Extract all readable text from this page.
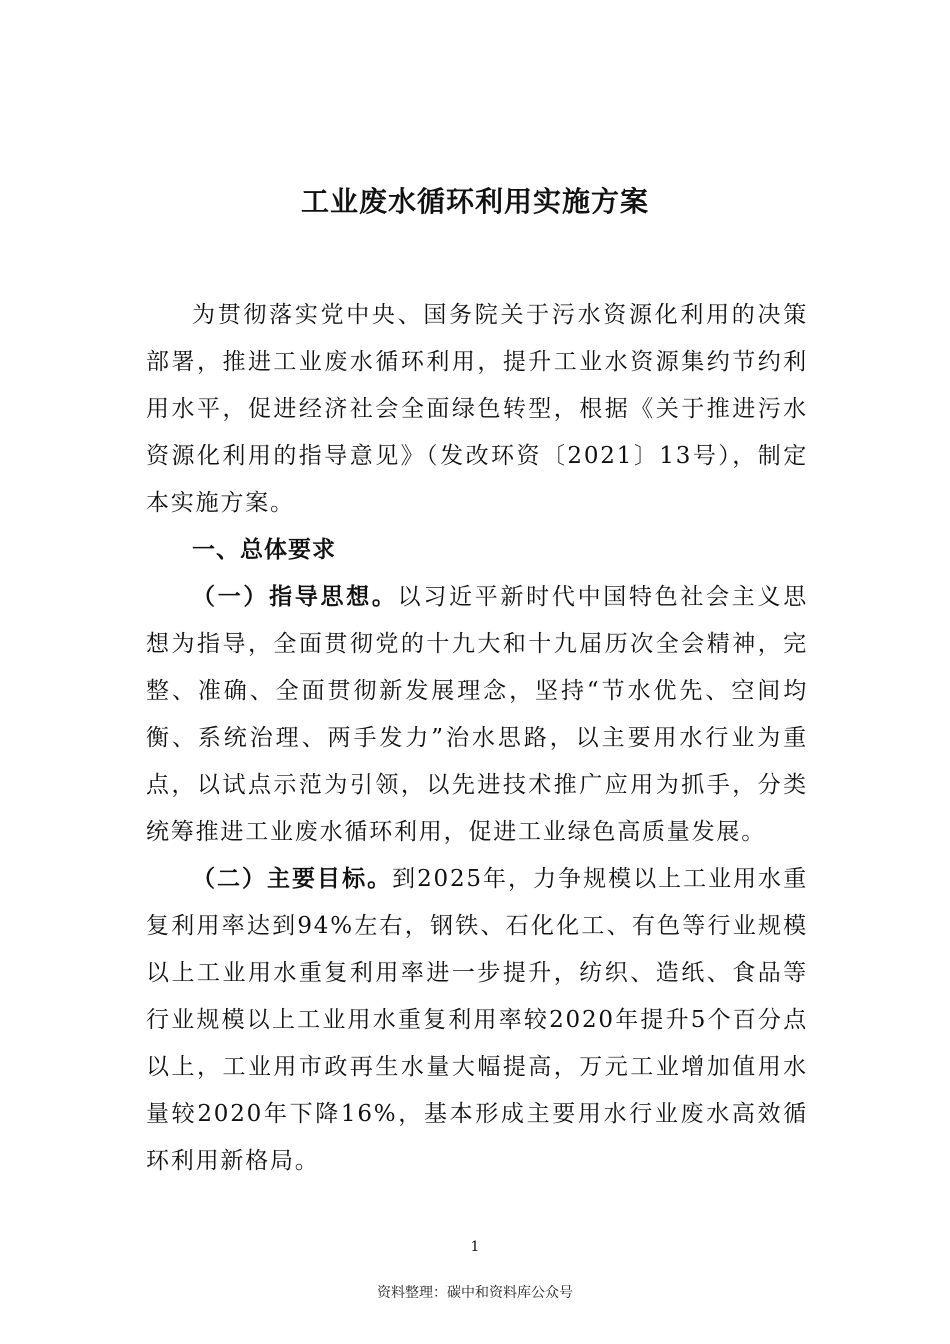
工业废水循环利用实施方案

为贯彻落实党中央、国务院关于污水资源化利用的决策部署，推进工业废水循环利用，提升工业水资源集约节约利用水平，促进经济社会全面绿色转型，根据《关于推进污水资源化利用的指导意见》（发改环资〔2021〕13号），制定本实施方案。

一、总体要求

（一）指导思想。以习近平新时代中国特色社会主义思想为指导，全面贯彻党的十九大和十九届历次全会精神，完整、准确、全面贯彻新发展理念，坚持“节水优先、空间均衡、系统治理、两手发力”治水思路，以主要用水行业为重点，以试点示范为引领，以先进技术推广应用为抓手，分类统筹推进工业废水循环利用，促进工业绿色高质量发展。

（二）主要目标。到2025年，力争规模以上工业用水重复利用率达到94%左右，钢铁、石化化工、有色等行业规模以上工业用水重复利用率进一步提升，纺织、造纸、食品等行业规模以上工业用水重复利用率较2020年提升5个百分点以上，工业用市政再生水量大幅提高，万元工业增加值用水量较2020年下降16%，基本形成主要用水行业废水高效循环利用新格局。

1
资料整理：碳中和资料库公众号
